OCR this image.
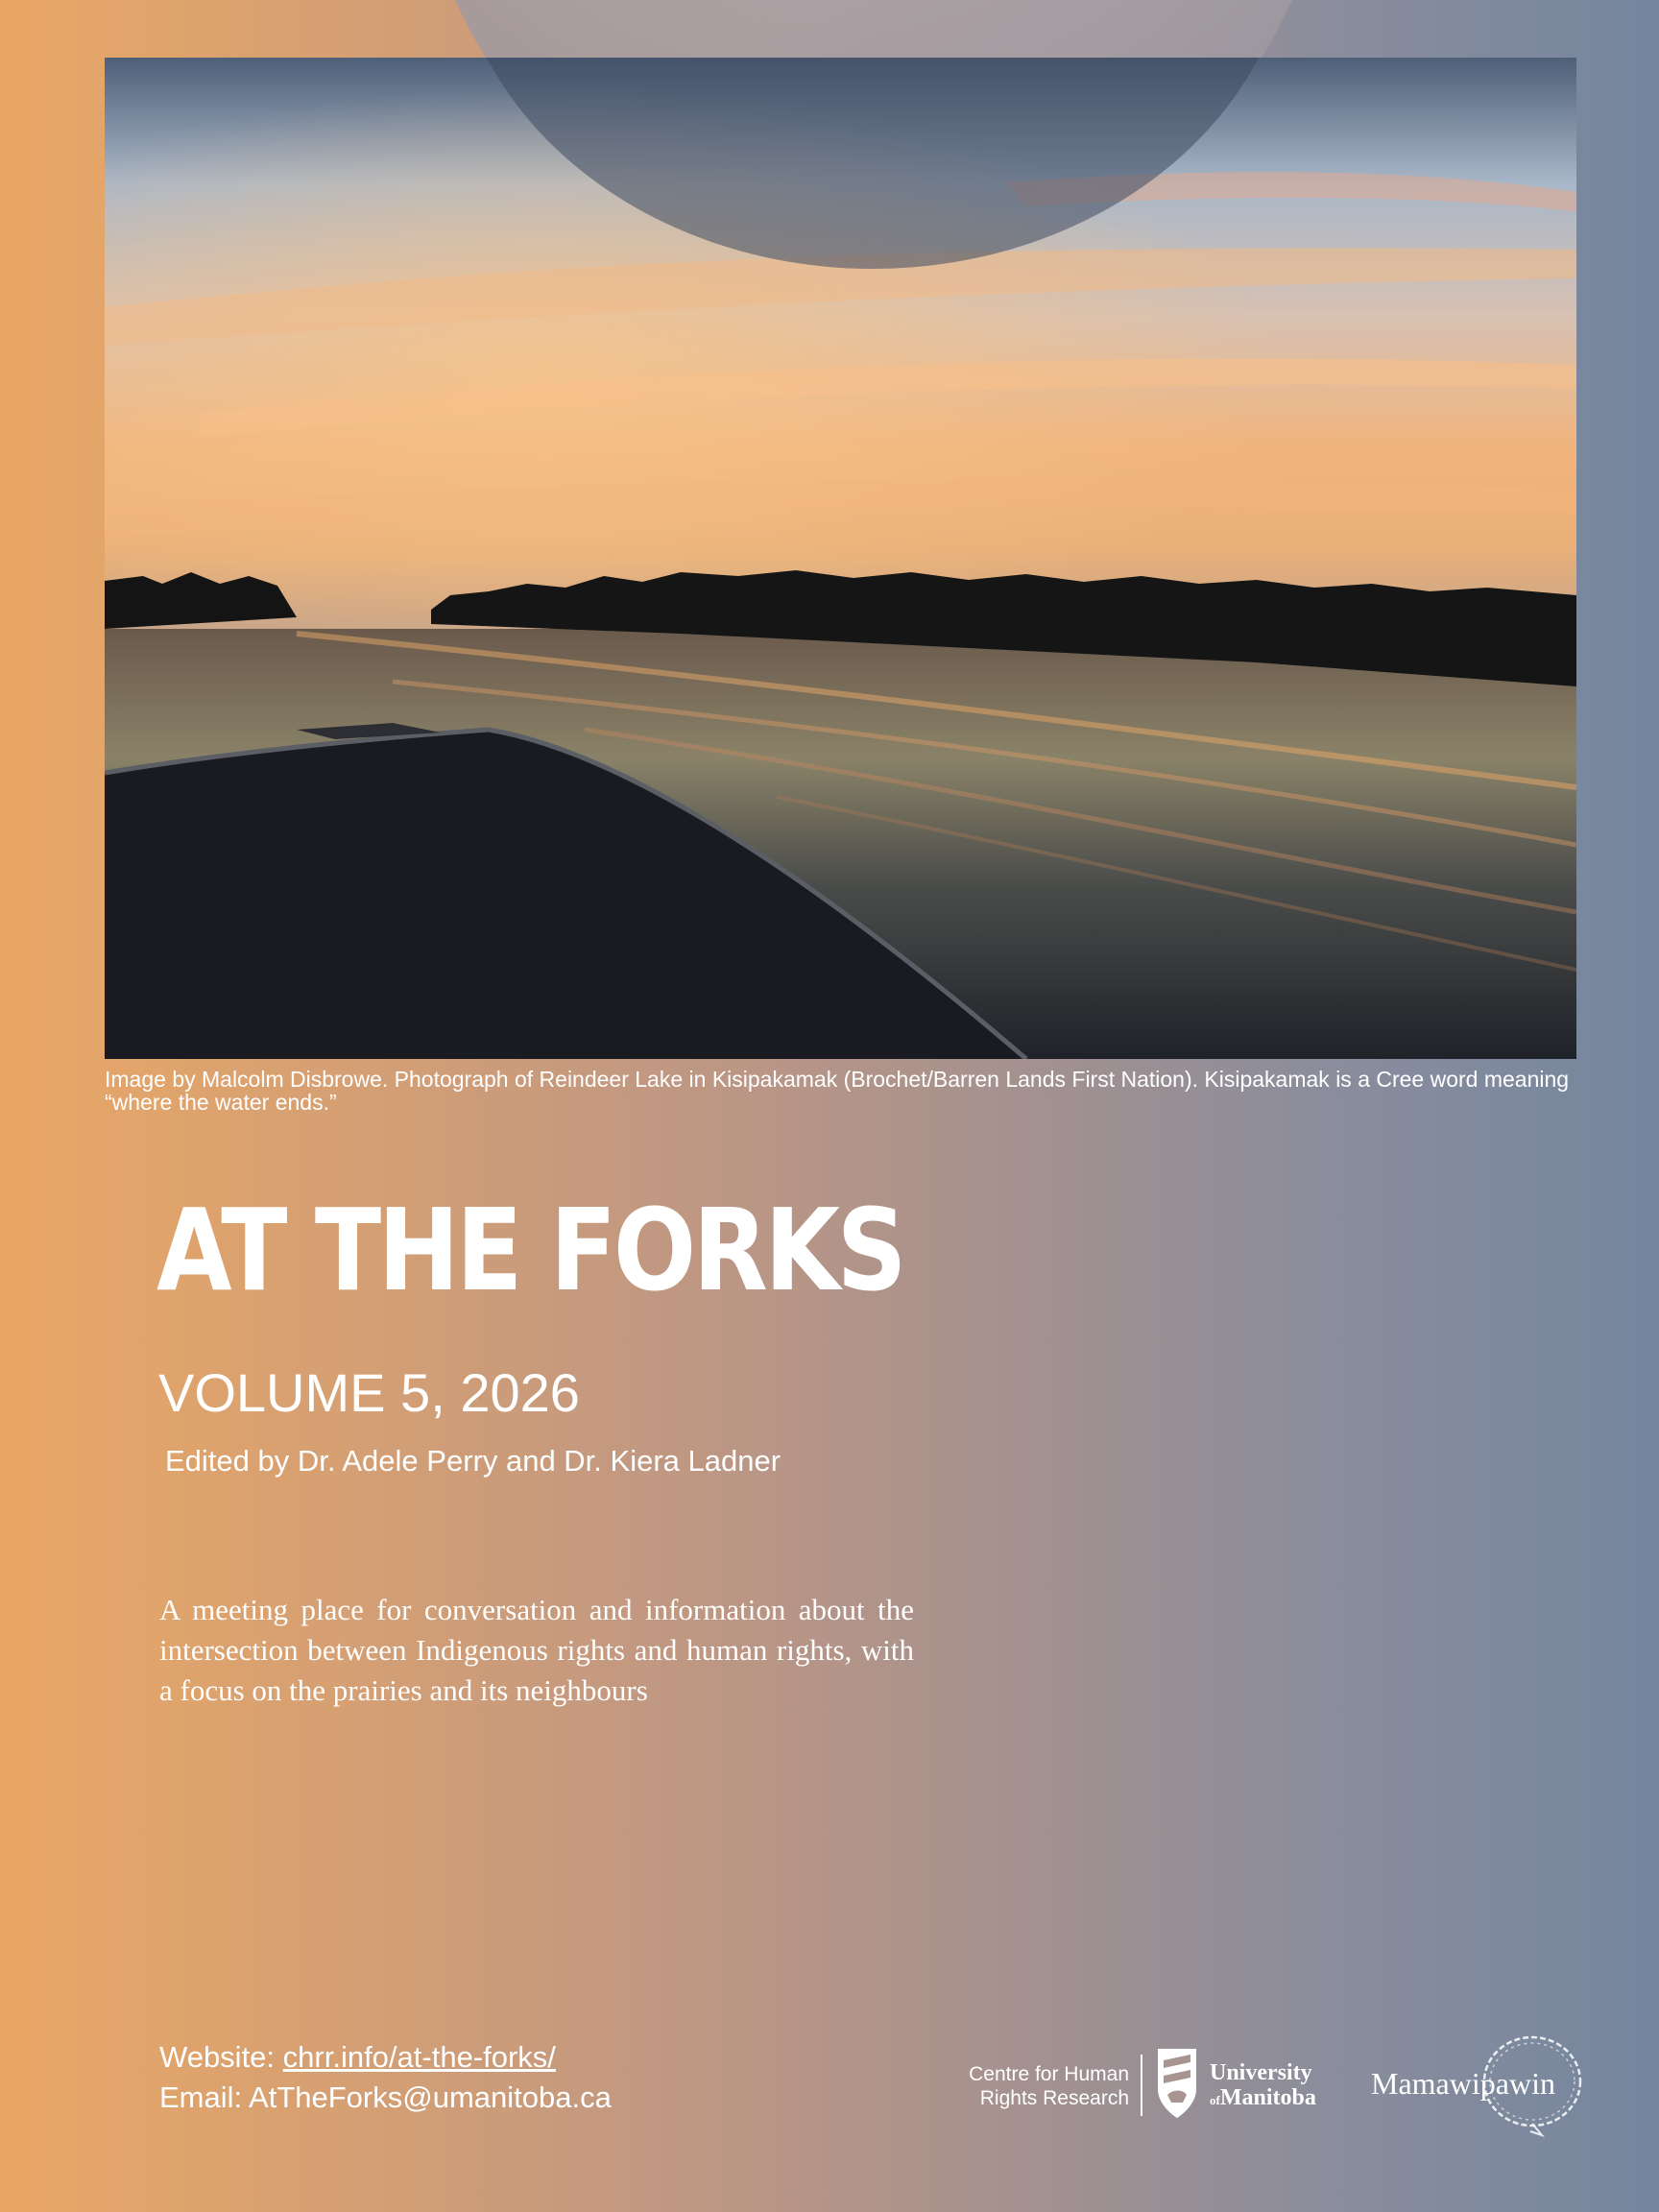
Image by Malcolm Disbrowe. Photograph of Reindeer Lake in Kisipakamak (Brochet/Barren Lands First Nation). Kisipakamak is a Cree word meaning “where the water ends.”
AT THE FORKS
VOLUME 5, 2026
Edited by Dr. Adele Perry and Dr. Kiera Ladner
A meeting place for conversation and information about the intersection between Indigenous rights and human rights, with a focus on the prairies and its neighbours
Website: chrr.info/at-the-forks/
Email: AtTheForks@umanitoba.ca
Centre for Human
Rights Research
University
ofManitoba Mamawipawin
